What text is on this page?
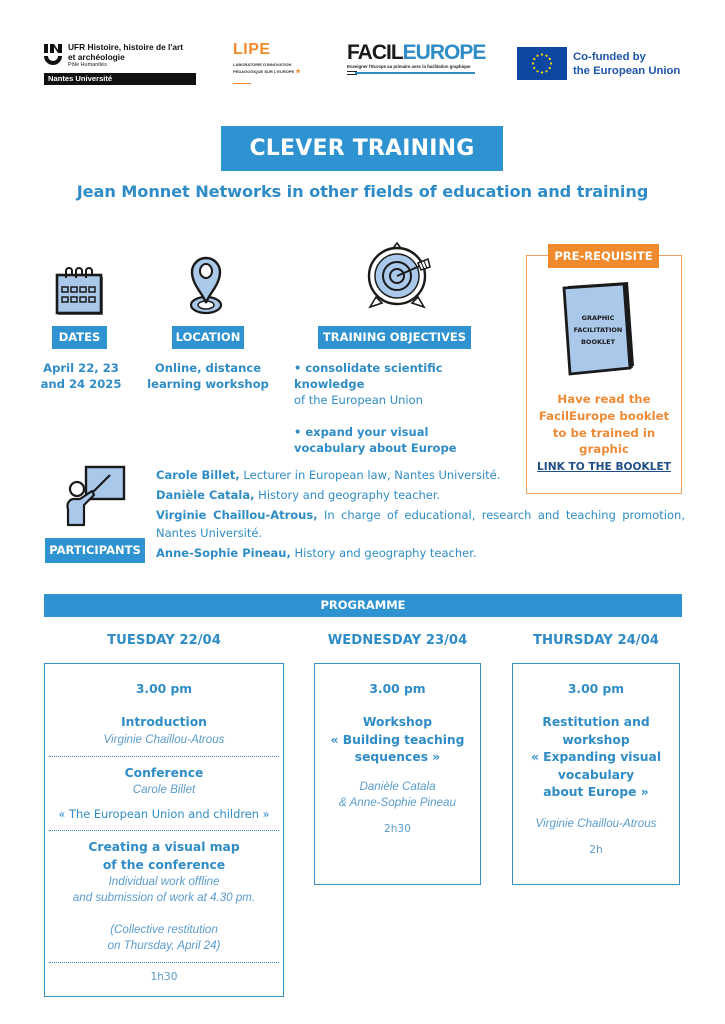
UFR Histoire, histoire de l'art
et archéologie
Pôle Humanités
Nantes Université
LIPE
LABORATOIRE D'INNOVATION
PÉDAGOGIQUE SUR L'EUROPE ★
FACILEUROPE
Enseigner l'Europe au primaire avec la facilitation graphique
Co-funded by
the European Union
CLEVER TRAINING
Jean Monnet Networks in other fields of education and training
DATES
April 22, 23
and 24 2025
LOCATION
Online, distance
learning workshop
TRAINING OBJECTIVES
• consolidate scientific knowledge
of the European Union
• expand your visual vocabulary about Europe
PRE-REQUISITE
GRAPHIC
FACILITATION
BOOKLET
Have read the
FacilEurope booklet
to be trained in graphic
LINK TO THE BOOKLET
PARTICIPANTS
Carole Billet, Lecturer in European law, Nantes Université.
Danièle Catala, History and geography teacher.
Virginie Chaillou-Atrous, In charge of educational, research and teaching promotion, Nantes Université.
Anne-Sophie Pineau, History and geography teacher.
PROGRAMME
TUESDAY 22/04	WEDNESDAY 23/04	THURSDAY 24/04
3.00 pm
Introduction
Virginie Chaillou-Atrous
Conference
Carole Billet
« The European Union and children »
Creating a visual map
of the conference
Individual work offline
and submission of work at 4.30 pm.
(Collective restitution
on Thursday, April 24)
1h30
3.00 pm
Workshop
« Building teaching
sequences »
Danièle Catala
& Anne-Sophie Pineau
2h30
3.00 pm
Restitution and
workshop
« Expanding visual
vocabulary
about Europe »
Virginie Chaillou-Atrous
2h
